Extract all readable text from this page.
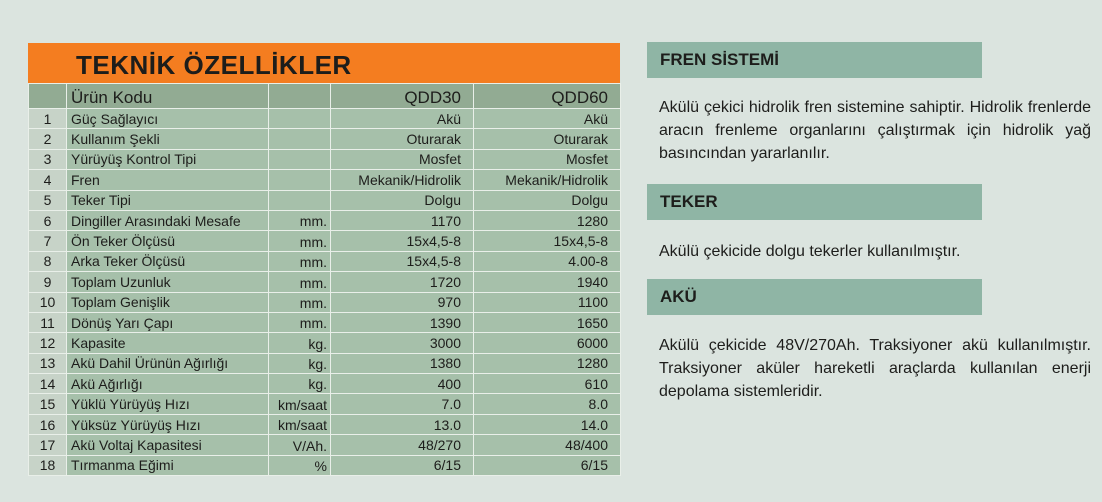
TEKNİK ÖZELLİKLER
	Ürün Kodu		QDD30	QDD60
1	Güç Sağlayıcı		Akü	Akü
2	Kullanım Şekli		Oturarak	Oturarak
3	Yürüyüş Kontrol Tipi		Mosfet	Mosfet
4	Fren		Mekanik/Hidrolik	Mekanik/Hidrolik
5	Teker Tipi		Dolgu	Dolgu
6	Dingiller Arasındaki Mesafe	mm.	1170	1280
7	Ön Teker Ölçüsü	mm.	15x4,5-8	15x4,5-8
8	Arka Teker Ölçüsü	mm.	15x4,5-8	4.00-8
9	Toplam Uzunluk	mm.	1720	1940
10	Toplam Genişlik	mm.	970	1100
11	Dönüş Yarı Çapı	mm.	1390	1650
12	Kapasite	kg.	3000	6000
13	Akü Dahil Ürünün Ağırlığı	kg.	1380	1280
14	Akü Ağırlığı	kg.	400	610
15	Yüklü Yürüyüş Hızı	km/saat	7.0	8.0
16	Yüksüz Yürüyüş Hızı	km/saat	13.0	14.0
17	Akü Voltaj Kapasitesi	V/Ah.	48/270	48/400
18	Tırmanma Eğimi	%	6/15	6/15
FREN SİSTEMİ
Akülü çekici hidrolik fren sistemine sahiptir. Hidrolik frenlerde aracın frenleme organlarını çalıştırmak için hidrolik yağ basıncından yararlanılır.
TEKER
Akülü çekicide dolgu tekerler kullanılmıştır.
AKÜ
Akülü çekicide 48V/270Ah. Traksiyoner akü kullanılmıştır. Traksiyoner aküler hareketli araçlarda kullanılan enerji depolama sistemleridir.
